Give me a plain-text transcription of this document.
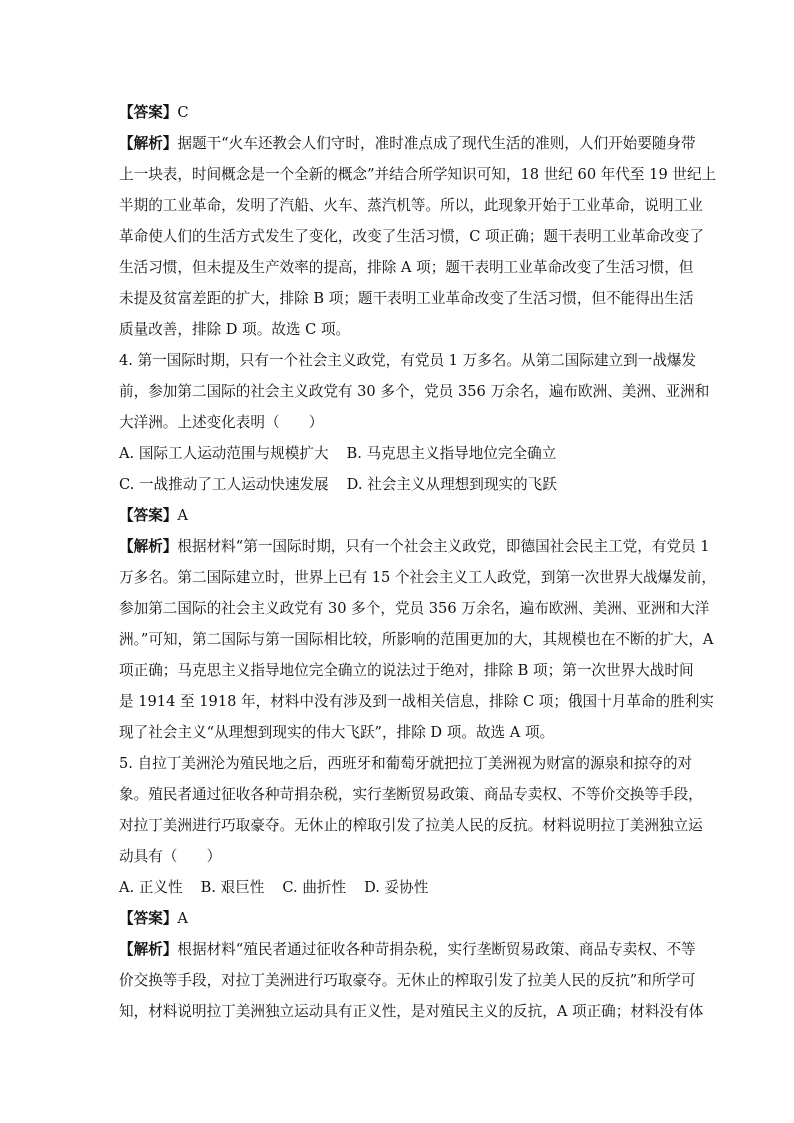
【答案】C
【解析】据题干“火车还教会人们守时，准时准点成了现代生活的准则，人们开始要随身带
上一块表，时间概念是一个全新的概念”并结合所学知识可知，18 世纪 60 年代至 19 世纪上
半期的工业革命，发明了汽船、火车、蒸汽机等。所以，此现象开始于工业革命，说明工业
革命使人们的生活方式发生了变化，改变了生活习惯，C 项正确；题干表明工业革命改变了
生活习惯，但未提及生产效率的提高，排除 A 项；题干表明工业革命改变了生活习惯，但
未提及贫富差距的扩大，排除 B 项；题干表明工业革命改变了生活习惯，但不能得出生活
质量改善，排除 D 项。故选 C 项。
4. 第一国际时期，只有一个社会主义政党，有党员 1 万多名。从第二国际建立到一战爆发
前，参加第二国际的社会主义政党有 30 多个，党员 356 万余名，遍布欧洲、美洲、亚洲和
大洋洲。上述变化表明（　　）
A. 国际工人运动范围与规模扩大 B. 马克思主义指导地位完全确立
C. 一战推动了工人运动快速发展 D. 社会主义从理想到现实的飞跃
【答案】A
【解析】根据材料“第一国际时期，只有一个社会主义政党，即德国社会民主工党，有党员 1
万多名。第二国际建立时，世界上已有 15 个社会主义工人政党，到第一次世界大战爆发前，
参加第二国际的社会主义政党有 30 多个，党员 356 万余名，遍布欧洲、美洲、亚洲和大洋
洲。”可知，第二国际与第一国际相比较，所影响的范围更加的大，其规模也在不断的扩大，A
项正确；马克思主义指导地位完全确立的说法过于绝对，排除 B 项；第一次世界大战时间
是 1914 至 1918 年，材料中没有涉及到一战相关信息，排除 C 项；俄国十月革命的胜利实
现了社会主义“从理想到现实的伟大飞跃”，排除 D 项。故选 A 项。
5. 自拉丁美洲沦为殖民地之后，西班牙和葡萄牙就把拉丁美洲视为财富的源泉和掠夺的对
象。殖民者通过征收各种苛捐杂税，实行垄断贸易政策、商品专卖权、不等价交换等手段，
对拉丁美洲进行巧取豪夺。无休止的榨取引发了拉美人民的反抗。材料说明拉丁美洲独立运
动具有（　　）
A. 正义性 B. 艰巨性 C. 曲折性 D. 妥协性
【答案】A
【解析】根据材料“殖民者通过征收各种苛捐杂税，实行垄断贸易政策、商品专卖权、不等
价交换等手段，对拉丁美洲进行巧取豪夺。无休止的榨取引发了拉美人民的反抗”和所学可
知，材料说明拉丁美洲独立运动具有正义性，是对殖民主义的反抗，A 项正确；材料没有体
